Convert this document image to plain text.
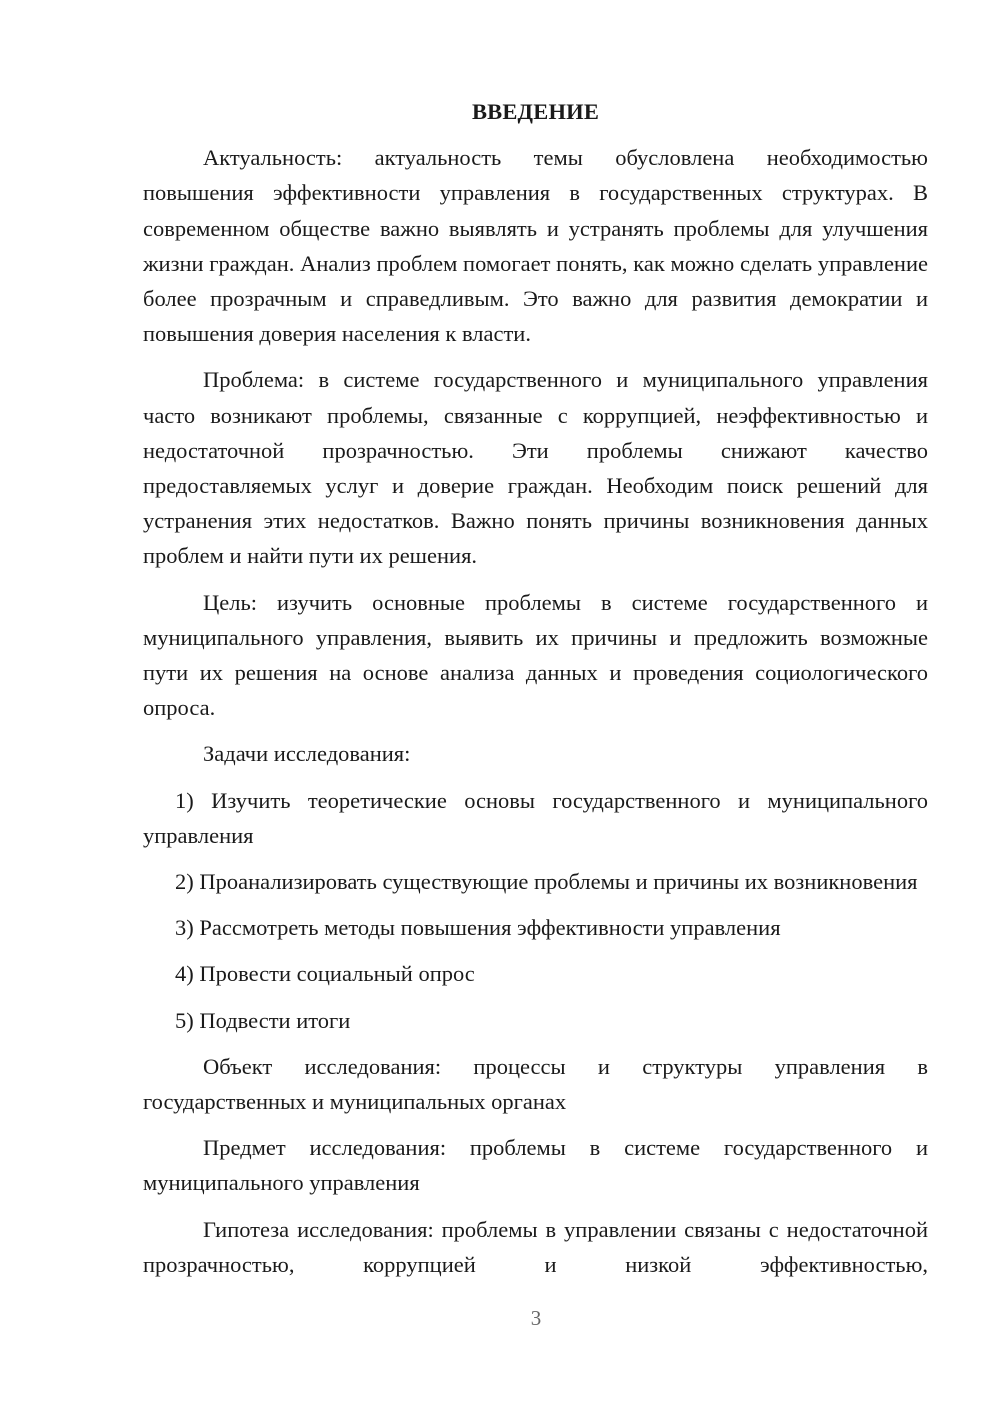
ВВЕДЕНИЕ

Актуальность: актуальность темы обусловлена необходимостью повышения эффективности управления в государственных структурах. В современном обществе важно выявлять и устранять проблемы для улучшения жизни граждан. Анализ проблем помогает понять, как можно сделать управление более прозрачным и справедливым. Это важно для развития демократии и повышения доверия населения к власти.

Проблема: в системе государственного и муниципального управления часто возникают проблемы, связанные с коррупцией, неэффективностью и недостаточной прозрачностью. Эти проблемы снижают качество предоставляемых услуг и доверие граждан. Необходим поиск решений для устранения этих недостатков. Важно понять причины возникновения данных проблем и найти пути их решения.

Цель: изучить основные проблемы в системе государственного и муниципального управления, выявить их причины и предложить возможные пути их решения на основе анализа данных и проведения социологического опроса.

Задачи исследования:

1) Изучить теоретические основы государственного и муниципального управления

2) Проанализировать существующие проблемы и причины их возникновения

3) Рассмотреть методы повышения эффективности управления

4) Провести социальный опрос

5) Подвести итоги

Объект исследования: процессы и структуры управления в государственных и муниципальных органах

Предмет исследования: проблемы в системе государственного и муниципального управления

Гипотеза исследования: проблемы в управлении связаны с недостаточной прозрачностью, коррупцией и низкой эффективностью,

3
